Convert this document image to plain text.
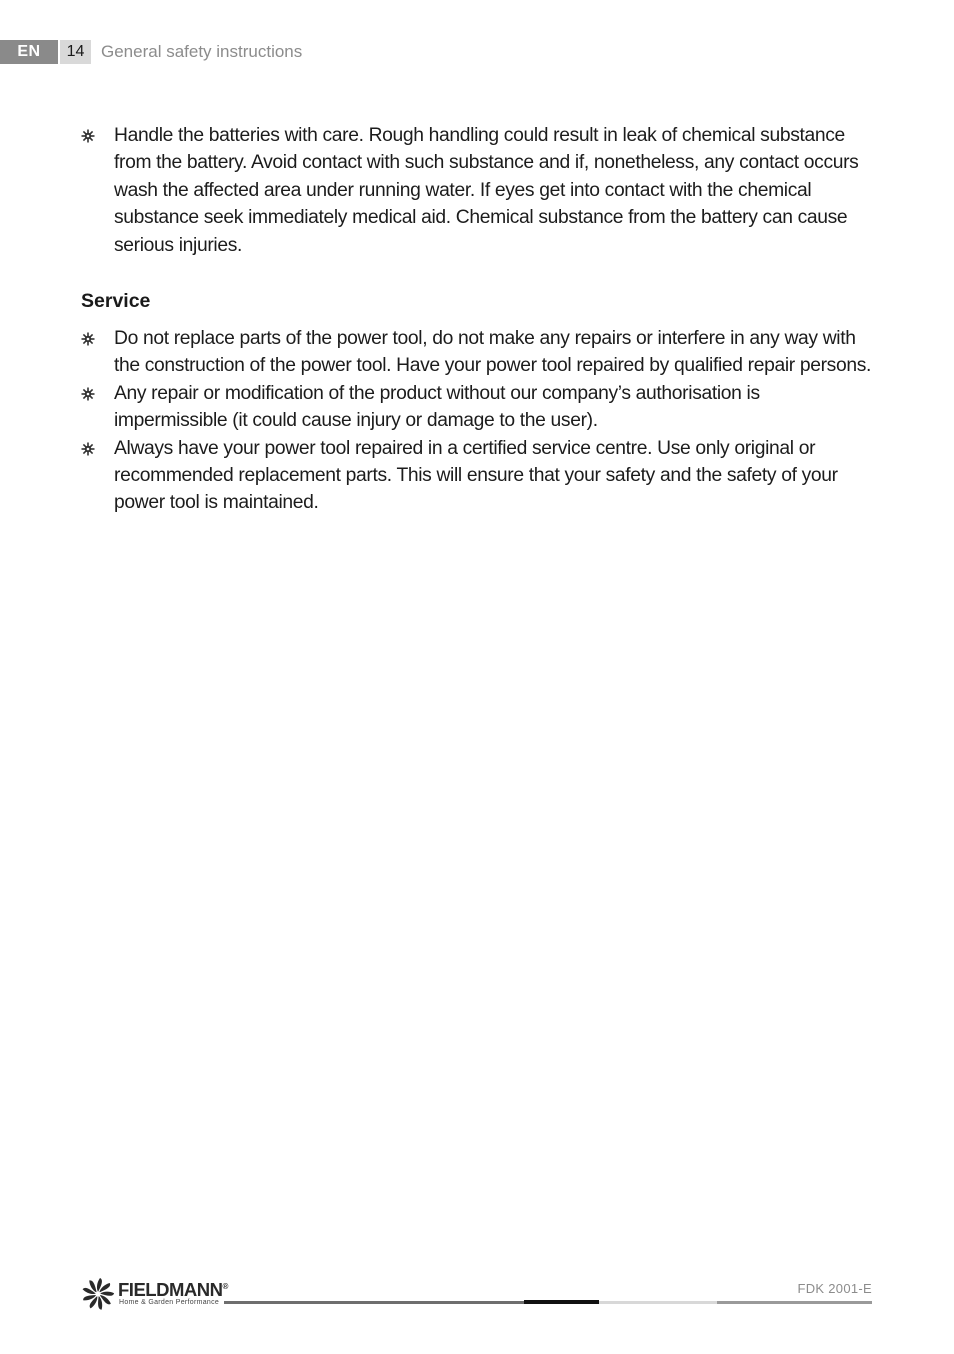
EN	14 General safety instructions
Handle the batteries with care. Rough handling could result in leak of chemical substance from the battery. Avoid contact with such substance and if, nonetheless, any contact occurs wash the affected area under running water. If eyes get into contact with the chemical substance seek immediately medical aid. Chemical substance from the battery can cause serious injuries.
Service
Do not replace parts of the power tool, do not make any repairs or interfere in any way with the construction of the power tool. Have your power tool repaired by qualified repair persons.
Any repair or modification of the product without our company’s authorisation is impermissible (it could cause injury or damage to the user).
Always have your power tool repaired in a certified service centre. Use only original or recommended replacement parts. This will ensure that your safety and the safety of your power tool is maintained.
FIELDMANN®
Home & Garden Performance
FDK 2001-E
